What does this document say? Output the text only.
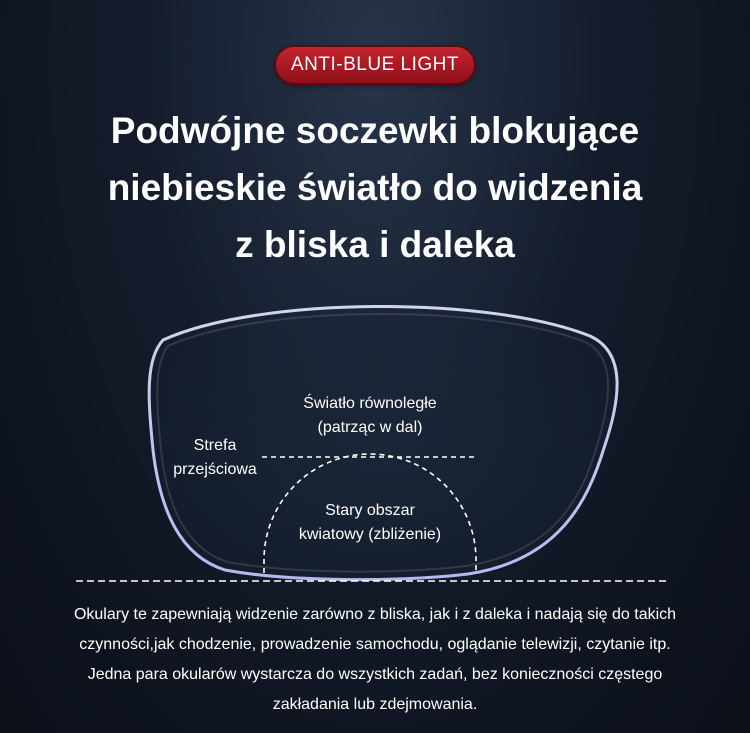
ANTI-BLUE LIGHT
Podwójne soczewki blokujące
niebieskie światło do widzenia
z bliska i daleka
Światło równoległe
(patrząc w dal)
Strefa
przejściowa
Stary obszar
kwiatowy (zbliżenie)
Okulary te zapewniają widzenie zarówno z bliska, jak i z daleka i nadają się do takich
czynności,jak chodzenie, prowadzenie samochodu, oglądanie telewizji, czytanie itp.
Jedna para okularów wystarcza do wszystkich zadań, bez konieczności częstego
zakładania lub zdejmowania.
